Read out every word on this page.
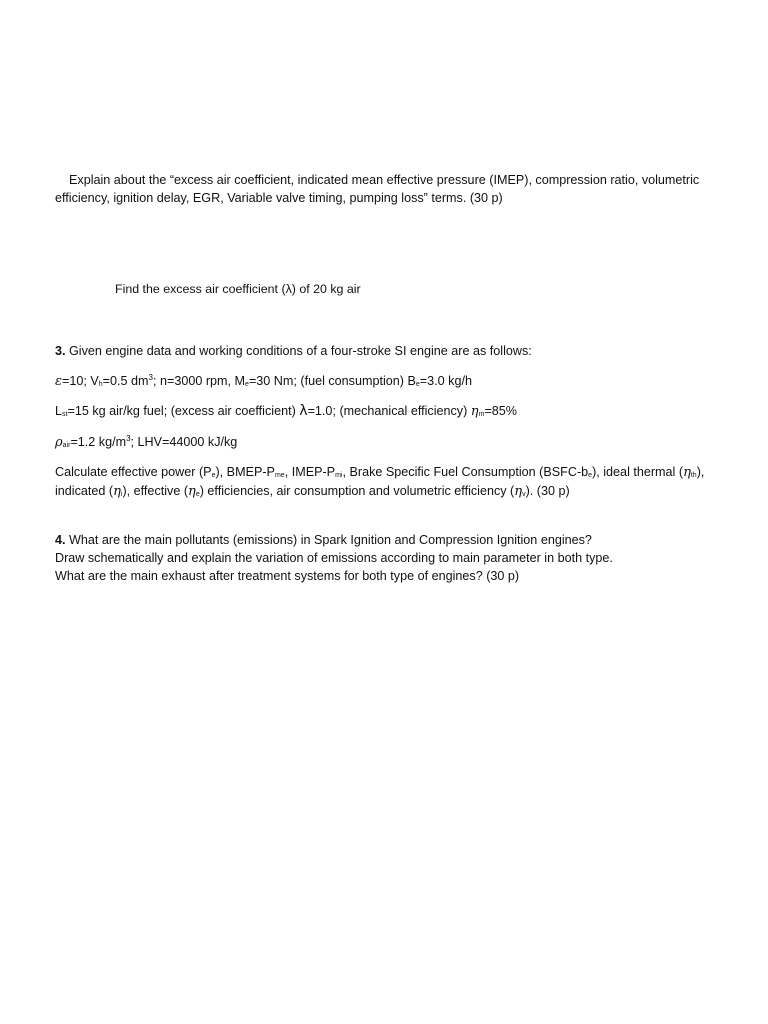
Explain about the “excess air coefficient, indicated mean effective pressure (IMEP), compression ratio, volumetric efficiency, ignition delay, EGR, Variable valve timing, pumping loss” terms. (30 p)
Find the excess air coefficient (λ) of 20 kg air

3. Given engine data and working conditions of a four-stroke SI engine are as follows:

ε=10; $V_h=0.5$ $dm^3$; n=3000 rpm, $M_e=30$ Nm; (fuel consumption) $B_e=3.0$ kg/h

$L_{st}=15$ kg air/kg fuel; (excess air coefficient) λ=1.0; (mechanical efficiency) $\eta_m=85\%$

$\rho_{air}=1.2$ $kg/m^3$; LHV=44000 kJ/kg

Calculate effective power $(P_e)$, BMEP-$P_{me}$, IMEP-$P_{mi}$, Brake Specific Fuel Consumption $(BSFC-b_e)$, ideal thermal $(\eta_{th})$, indicated $(\eta_i)$, effective $(\eta_e)$ efficiencies, air consumption and volumetric efficiency $(\eta_v)$. (30 p)

4. What are the main pollutants (emissions) in Spark Ignition and Compression Ignition engines?

Draw schematically and explain the variation of emissions according to main parameter in both type.

What are the main exhaust after treatment systems for both type of engines? (30 p)
